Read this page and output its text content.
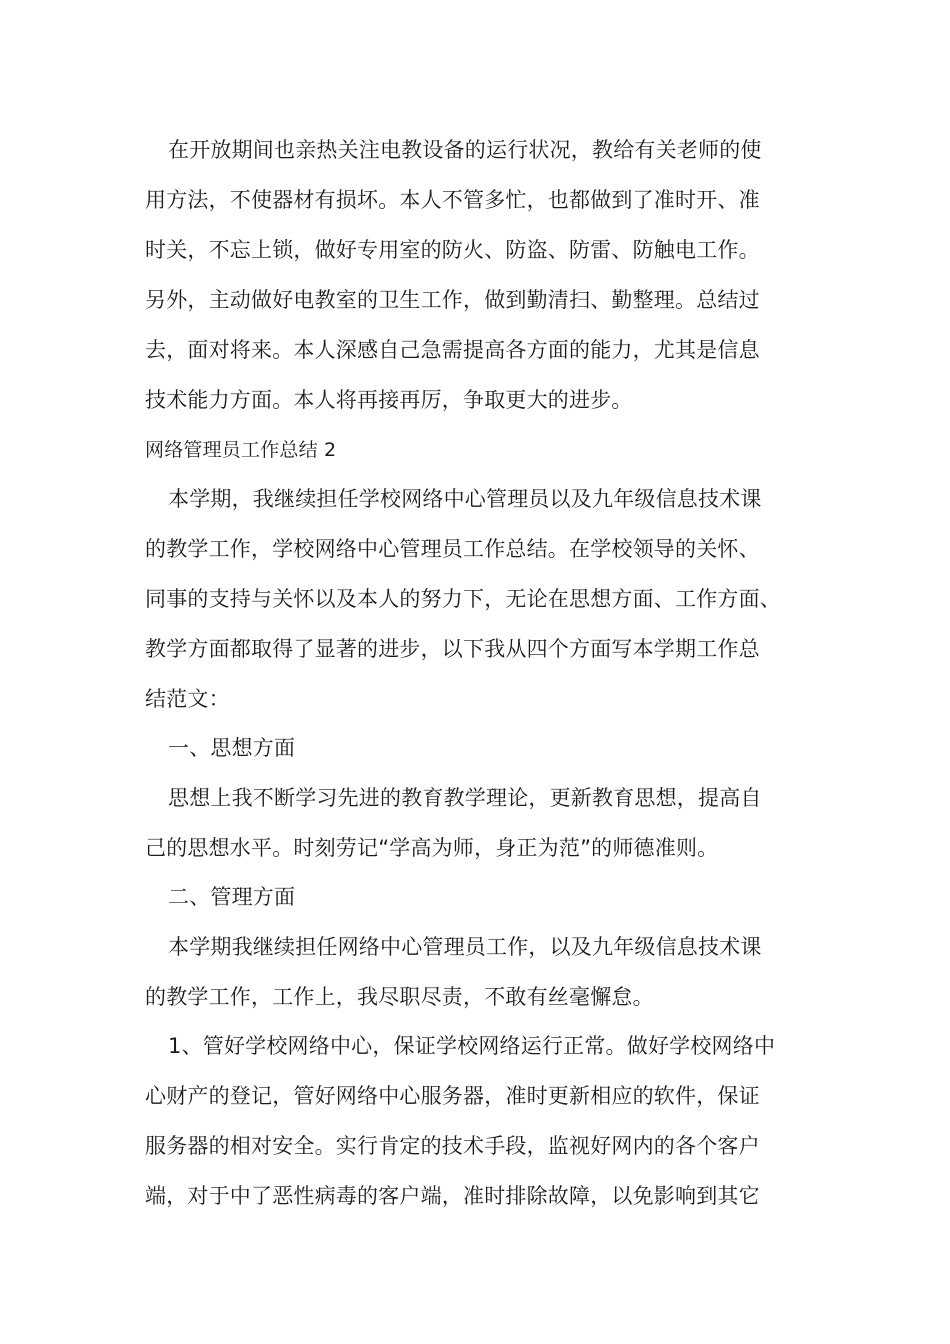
在开放期间也亲热关注电教设备的运行状况，教给有关老师的使
用方法，不使器材有损坏。本人不管多忙，也都做到了准时开、准
时关，不忘上锁，做好专用室的防火、防盗、防雷、防触电工作。
另外，主动做好电教室的卫生工作，做到勤清扫、勤整理。总结过
去，面对将来。本人深感自己急需提高各方面的能力，尤其是信息
技术能力方面。本人将再接再厉，争取更大的进步。
网络管理员工作总结 2
本学期，我继续担任学校网络中心管理员以及九年级信息技术课
的教学工作，学校网络中心管理员工作总结。在学校领导的关怀、
同事的支持与关怀以及本人的努力下，无论在思想方面、工作方面、
教学方面都取得了显著的进步，以下我从四个方面写本学期工作总
结范文：
一、思想方面
思想上我不断学习先进的教育教学理论，更新教育思想，提高自
己的思想水平。时刻劳记“学高为师，身正为范”的师德准则。
二、管理方面
本学期我继续担任网络中心管理员工作，以及九年级信息技术课
的教学工作，工作上，我尽职尽责，不敢有丝毫懈怠。
1、管好学校网络中心，保证学校网络运行正常。做好学校网络中
心财产的登记，管好网络中心服务器，准时更新相应的软件，保证
服务器的相对安全。实行肯定的技术手段，监视好网内的各个客户
端，对于中了恶性病毒的客户端，准时排除故障，以免影响到其它
